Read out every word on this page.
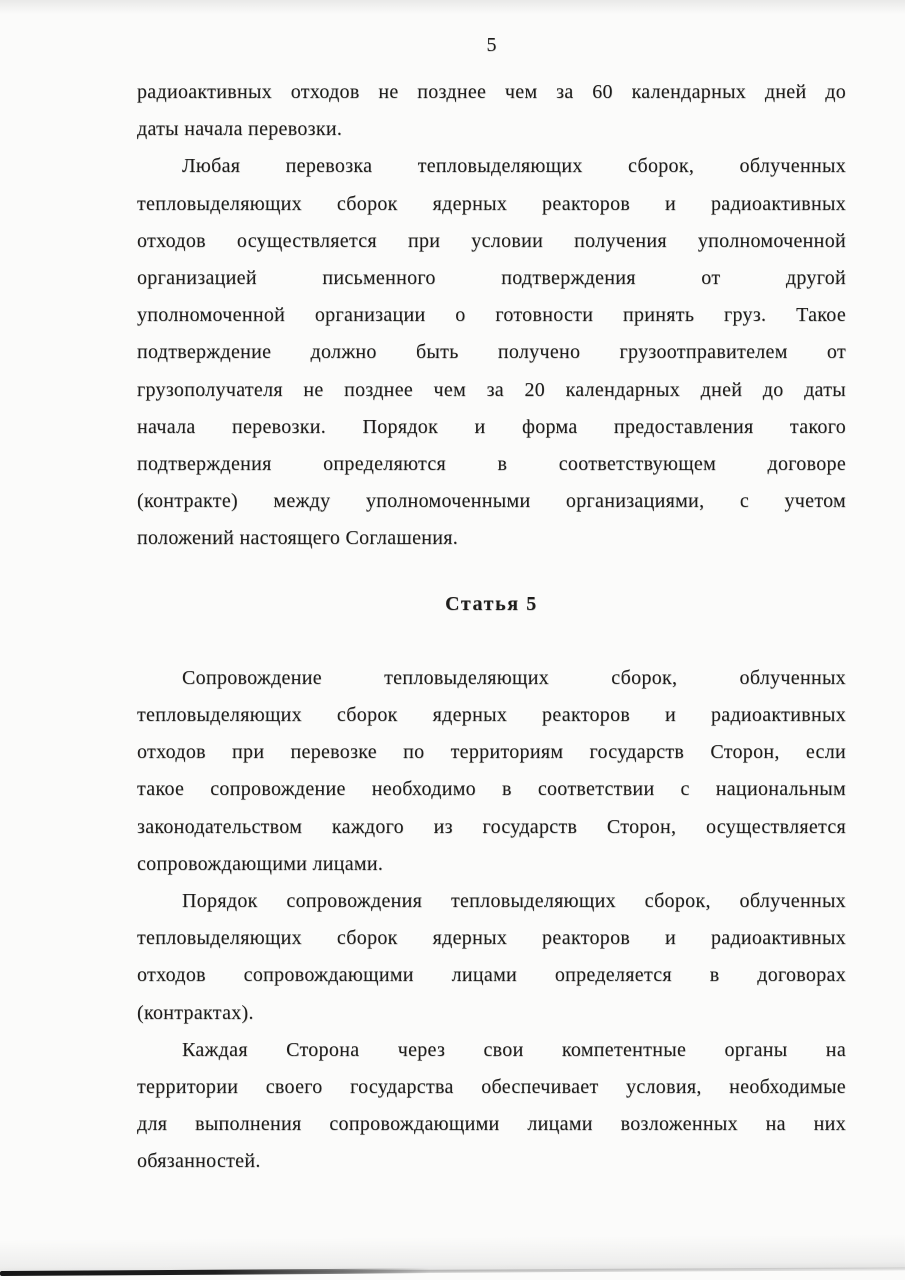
5
радиоактивных отходов не позднее чем за 60 календарных дней до
даты начала перевозки.
Любая перевозка тепловыделяющих сборок, облученных
тепловыделяющих сборок ядерных реакторов и радиоактивных
отходов осуществляется при условии получения уполномоченной
организацией письменного подтверждения от другой
уполномоченной организации о готовности принять груз. Такое
подтверждение должно быть получено грузоотправителем от
грузополучателя не позднее чем за 20 календарных дней до даты
начала перевозки. Порядок и форма предоставления такого
подтверждения определяются в соответствующем договоре
(контракте) между уполномоченными организациями, с учетом
положений настоящего Соглашения.
Статья 5
Сопровождение тепловыделяющих сборок, облученных
тепловыделяющих сборок ядерных реакторов и радиоактивных
отходов при перевозке по территориям государств Сторон, если
такое сопровождение необходимо в соответствии с национальным
законодательством каждого из государств Сторон, осуществляется
сопровождающими лицами.
Порядок сопровождения тепловыделяющих сборок, облученных
тепловыделяющих сборок ядерных реакторов и радиоактивных
отходов сопровождающими лицами определяется в договорах
(контрактах).
Каждая Сторона через свои компетентные органы на
территории своего государства обеспечивает условия, необходимые
для выполнения сопровождающими лицами возложенных на них
обязанностей.
